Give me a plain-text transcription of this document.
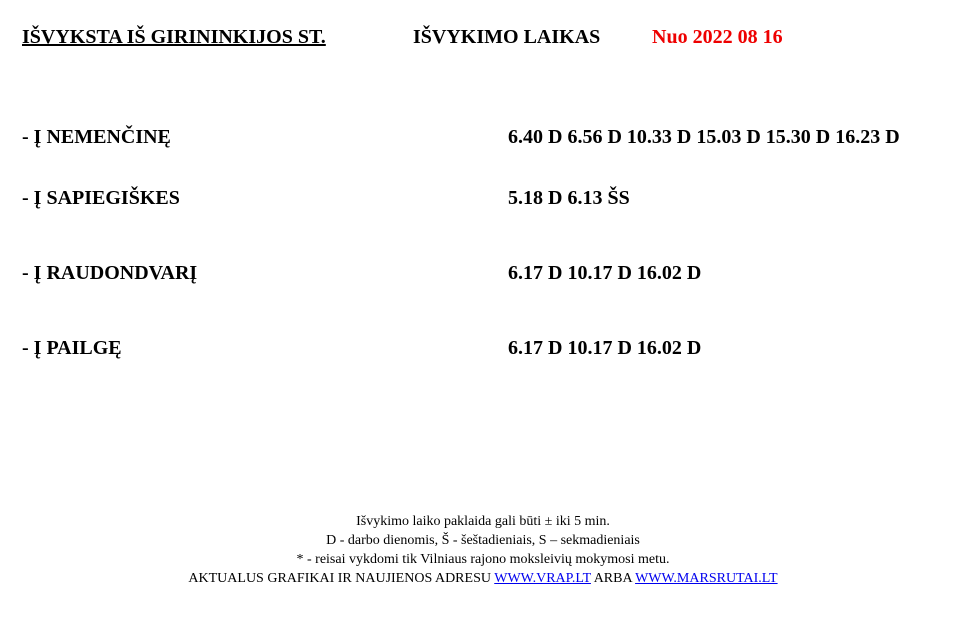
IŠVYKSTA IŠ GIRININKIJOS ST.	IŠVYKIMO LAIKAS	Nuo 2022 08 16
- Į NEMENČINĘ	6.40 D 6.56 D 10.33 D 15.03 D 15.30 D 16.23 D
- Į SAPIEGIŠKES	5.18 D 6.13 ŠS
- Į RAUDONDVARĮ	6.17 D 10.17 D 16.02 D
- Į PAILGĘ	6.17 D 10.17 D 16.02 D
Išvykimo laiko paklaida gali būti ± iki 5 min.
D - darbo dienomis, Š - šeštadieniais, S – sekmadieniais
* - reisai vykdomi tik Vilniaus rajono moksleivių mokymosi metu.
AKTUALUS GRAFIKAI IR NAUJIENOS ADRESU WWW.VRAP.LT ARBA WWW.MARSRUTAI.LT
